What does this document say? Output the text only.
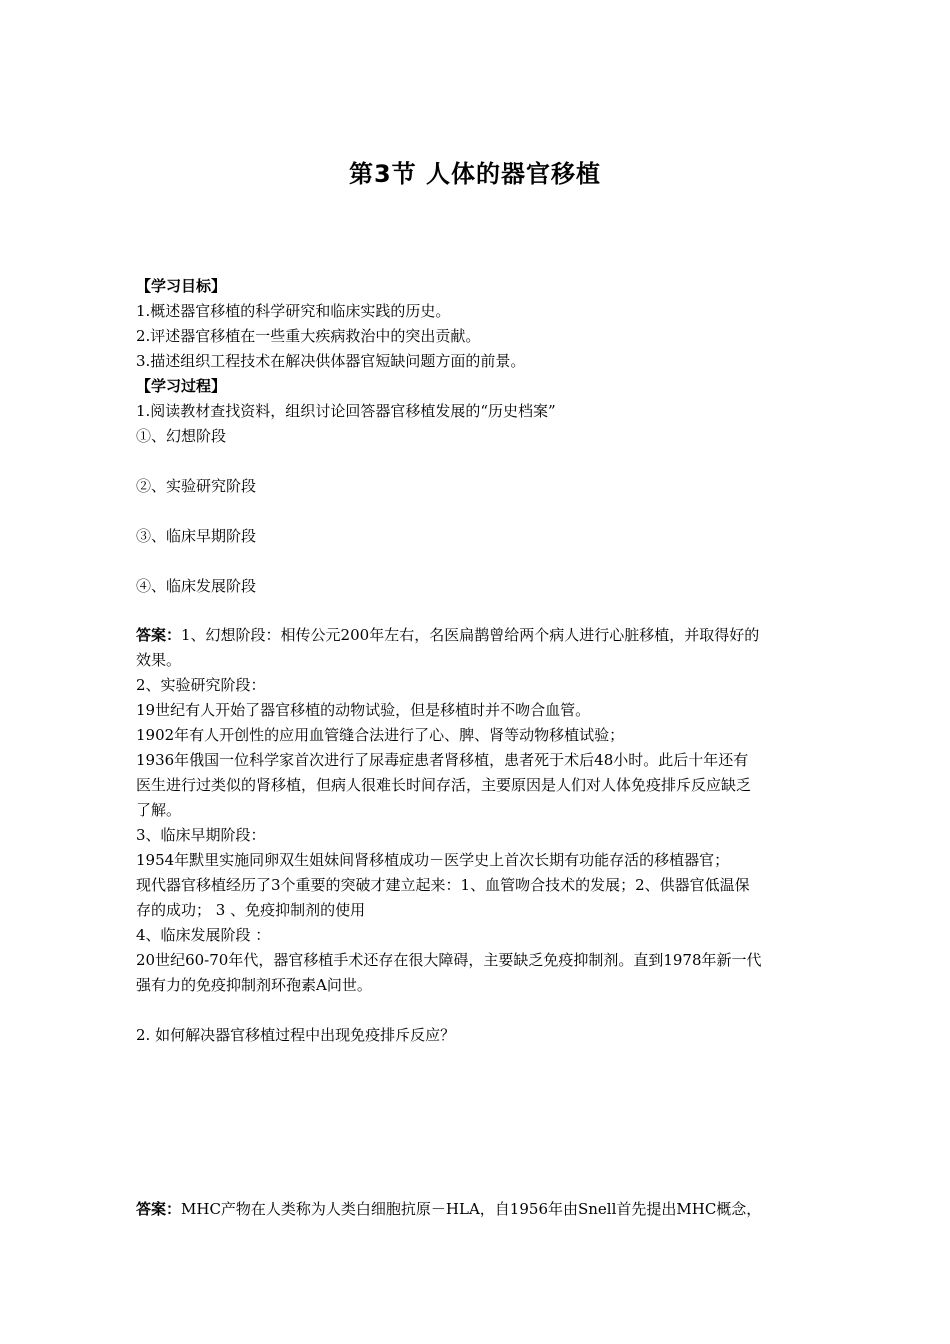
第3节 人体的器官移植
【学习目标】
1.概述器官移植的科学研究和临床实践的历史。
2.评述器官移植在一些重大疾病救治中的突出贡献。
3.描述组织工程技术在解决供体器官短缺问题方面的前景。
【学习过程】
1.阅读教材查找资料，组织讨论回答器官移植发展的“历史档案”
①、幻想阶段
②、实验研究阶段
③、临床早期阶段
④、临床发展阶段
答案：1、幻想阶段：相传公元200年左右，名医扁鹊曾给两个病人进行心脏移植，并取得好的
效果。
2、实验研究阶段：
19世纪有人开始了器官移植的动物试验，但是移植时并不吻合血管。
1902年有人开创性的应用血管缝合法进行了心、脾、肾等动物移植试验；
1936年俄国一位科学家首次进行了尿毒症患者肾移植，患者死于术后48小时。此后十年还有
医生进行过类似的肾移植，但病人很难长时间存活，主要原因是人们对人体免疫排斥反应缺乏
了解。
3、临床早期阶段：
1954年默里实施同卵双生姐妹间肾移植成功－医学史上首次长期有功能存活的移植器官；
现代器官移植经历了3个重要的突破才建立起来：1、血管吻合技术的发展；2、供器官低温保
存的成功； 3 、免疫抑制剂的使用
4、临床发展阶段 ：
20世纪60-70年代，器官移植手术还存在很大障碍，主要缺乏免疫抑制剂。直到1978年新一代
强有力的免疫抑制剂环孢素A问世。
2. 如何解决器官移植过程中出现免疫排斥反应？
答案：MHC产物在人类称为人类白细胞抗原－HLA，自1956年由Snell首先提出MHC概念，
